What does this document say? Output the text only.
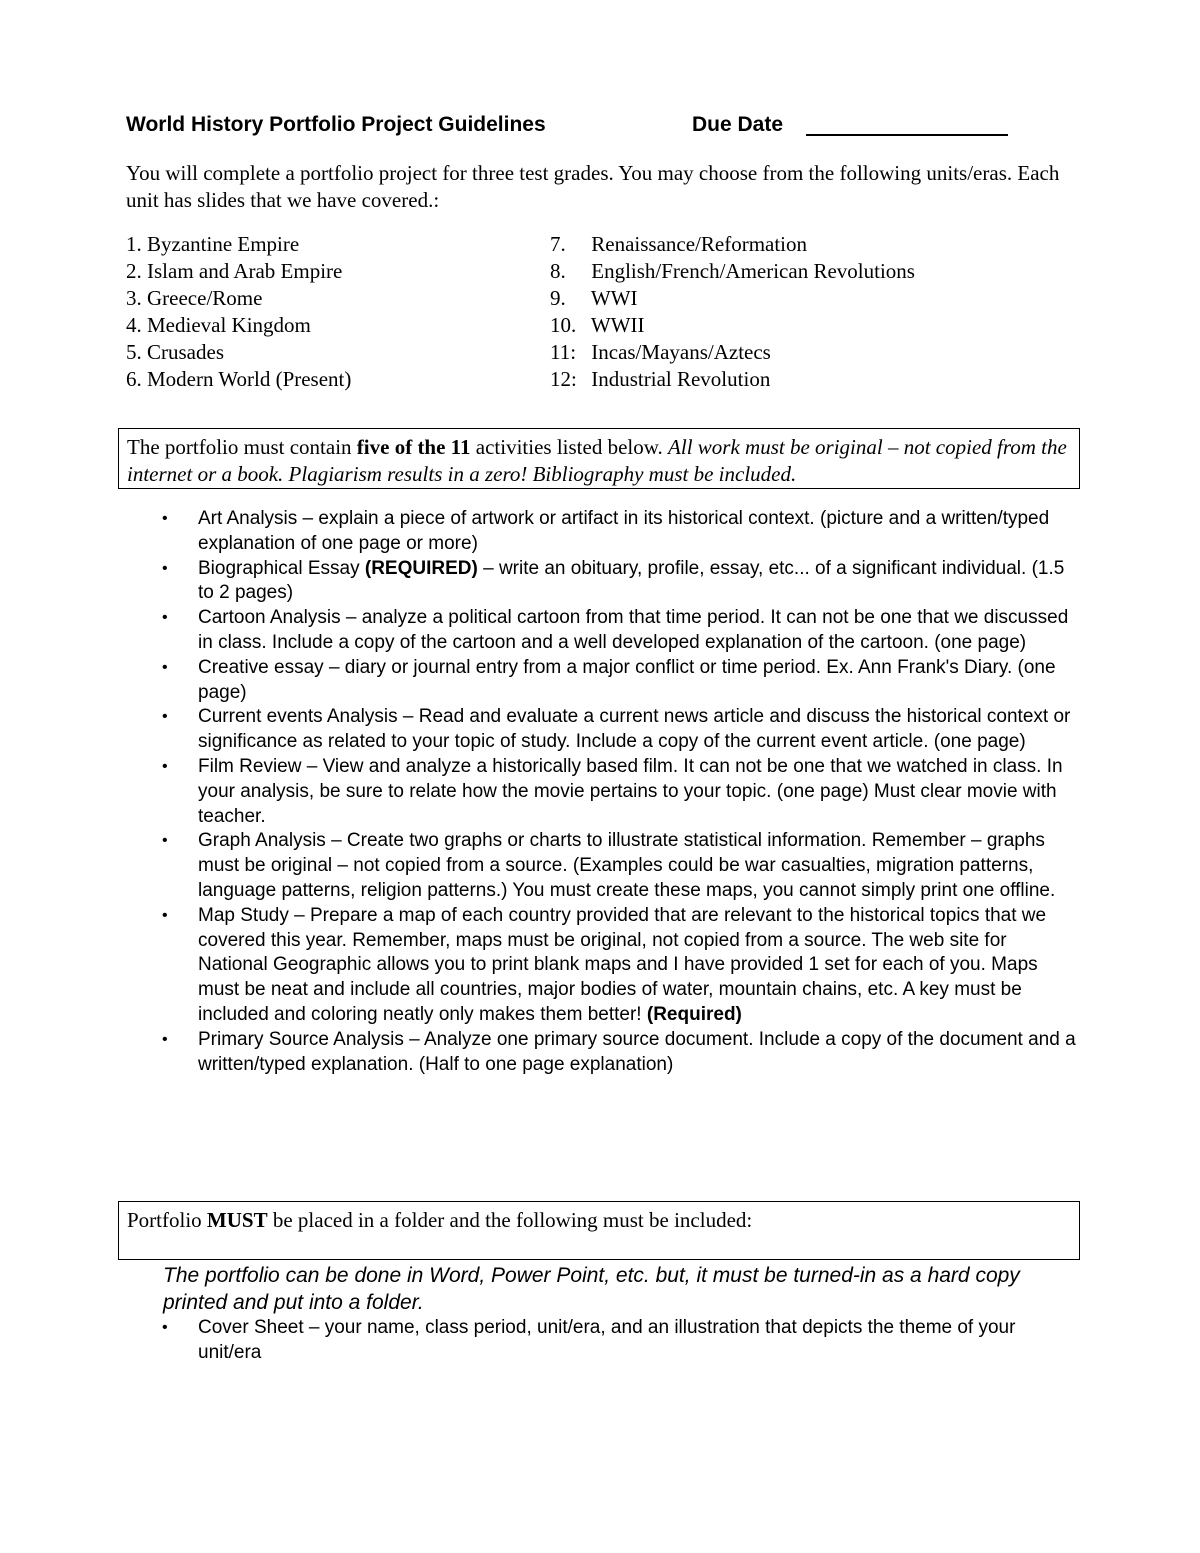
World History Portfolio Project Guidelines	Due Date

You will complete a portfolio project for three test grades. You may choose from the following units/eras. Each unit has slides that we have covered.:

1. Byzantine Empire
2. Islam and Arab Empire
3. Greece/Rome
4. Medieval Kingdom
5. Crusades
6. Modern World (Present)
7. Renaissance/Reformation
8. English/French/American Revolutions
9. WWI
10. WWII
11: Incas/Mayans/Aztecs
12: Industrial Revolution
The portfolio must contain five of the 11 activities listed below. All work must be original – not copied from the internet or a book. Plagiarism results in a zero! Bibliography must be included.
• Art Analysis – explain a piece of artwork or artifact in its historical context. (picture and a written/typed explanation of one page or more)
• Biographical Essay (REQUIRED) – write an obituary, profile, essay, etc... of a significant individual. (1.5 to 2 pages)
• Cartoon Analysis – analyze a political cartoon from that time period. It can not be one that we discussed in class. Include a copy of the cartoon and a well developed explanation of the cartoon. (one page)
• Creative essay – diary or journal entry from a major conflict or time period. Ex. Ann Frank's Diary. (one page)
• Current events Analysis – Read and evaluate a current news article and discuss the historical context or significance as related to your topic of study. Include a copy of the current event article. (one page)
• Film Review – View and analyze a historically based film. It can not be one that we watched in class. In your analysis, be sure to relate how the movie pertains to your topic. (one page) Must clear movie with teacher.
• Graph Analysis – Create two graphs or charts to illustrate statistical information. Remember – graphs must be original – not copied from a source. (Examples could be war casualties, migration patterns, language patterns, religion patterns.) You must create these maps, you cannot simply print one offline.
• Map Study – Prepare a map of each country provided that are relevant to the historical topics that we covered this year. Remember, maps must be original, not copied from a source. The web site for National Geographic allows you to print blank maps and I have provided 1 set for each of you. Maps must be neat and include all countries, major bodies of water, mountain chains, etc. A key must be included and coloring neatly only makes them better! (Required)
• Primary Source Analysis – Analyze one primary source document. Include a copy of the document and a written/typed explanation. (Half to one page explanation)
Portfolio MUST be placed in a folder and the following must be included:

The portfolio can be done in Word, Power Point, etc. but, it must be turned-in as a hard copy printed and put into a folder.

• Cover Sheet – your name, class period, unit/era, and an illustration that depicts the theme of your unit/era
